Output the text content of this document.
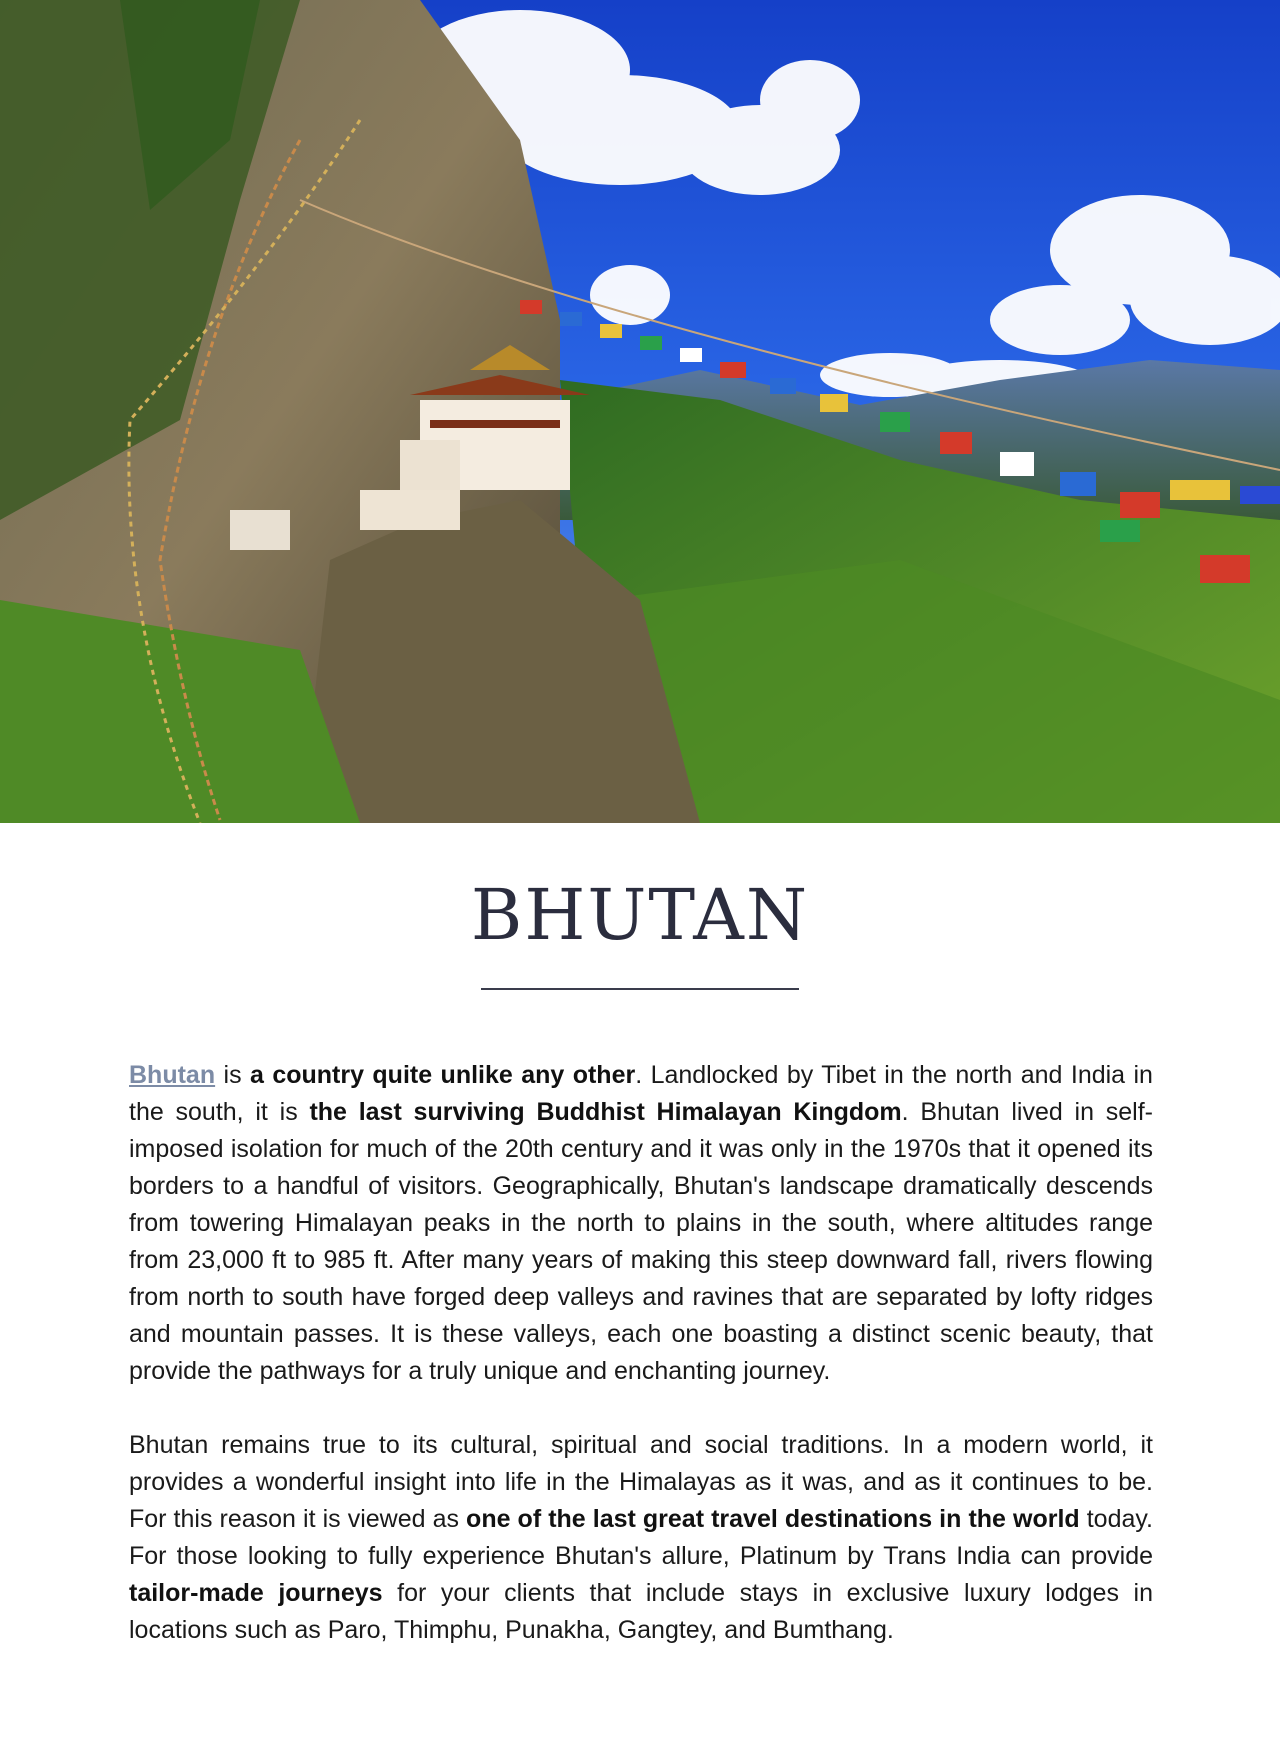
BHUTAN

Bhutan is a country quite unlike any other. Landlocked by Tibet in the north and India in the south, it is the last surviving Buddhist Himalayan Kingdom. Bhutan lived in self-imposed isolation for much of the 20th century and it was only in the 1970s that it opened its borders to a handful of visitors. Geographically, Bhutan's landscape dramatically descends from towering Himalayan peaks in the north to plains in the south, where altitudes range from 23,000 ft to 985 ft. After many years of making this steep downward fall, rivers flowing from north to south have forged deep valleys and ravines that are separated by lofty ridges and mountain passes. It is these valleys, each one boasting a distinct scenic beauty, that provide the pathways for a truly unique and enchanting journey.

Bhutan remains true to its cultural, spiritual and social traditions. In a modern world, it provides a wonderful insight into life in the Himalayas as it was, and as it continues to be. For this reason it is viewed as one of the last great travel destinations in the world today. For those looking to fully experience Bhutan's allure, Platinum by Trans India can provide tailor-made journeys for your clients that include stays in exclusive luxury lodges in locations such as Paro, Thimphu, Punakha, Gangtey, and Bumthang.
